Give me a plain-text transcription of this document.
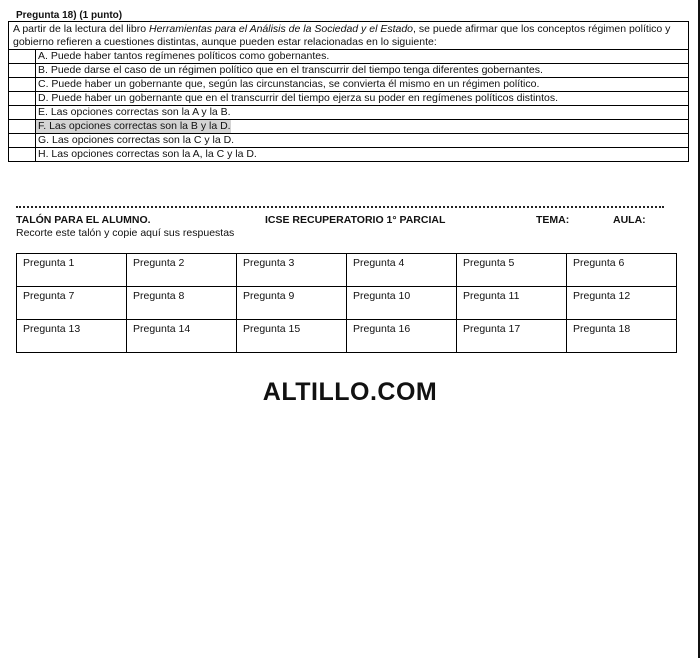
Pregunta 18) (1 punto)
A partir de la lectura del libro Herramientas para el Análisis de la Sociedad y el Estado, se puede afirmar que los conceptos régimen político y gobierno refieren a cuestiones distintas, aunque pueden estar relacionadas en lo siguiente:
A. Puede haber tantos regímenes políticos como gobernantes.
B. Puede darse el caso de un régimen político que en el transcurrir del tiempo tenga diferentes gobernantes.
C. Puede haber un gobernante que, según las circunstancias, se convierta él mismo en un régimen político.
D. Puede haber un gobernante que en el transcurrir del tiempo ejerza su poder en regímenes políticos distintos.
E. Las opciones correctas son la A y la B.
F. Las opciones correctas son la B y la D.
G. Las opciones correctas son la C y la D.
H. Las opciones correctas son la A, la C y la D.
TALÓN PARA EL ALUMNO.	ICSE RECUPERATORIO 1° PARCIAL	TEMA:	AULA:
Recorte este talón y copie aquí sus respuestas
Pregunta 1	Pregunta 2	Pregunta 3	Pregunta 4	Pregunta 5	Pregunta 6
Pregunta 7	Pregunta 8	Pregunta 9	Pregunta 10	Pregunta 11	Pregunta 12
Pregunta 13	Pregunta 14	Pregunta 15	Pregunta 16	Pregunta 17	Pregunta 18
ALTILLO.COM
